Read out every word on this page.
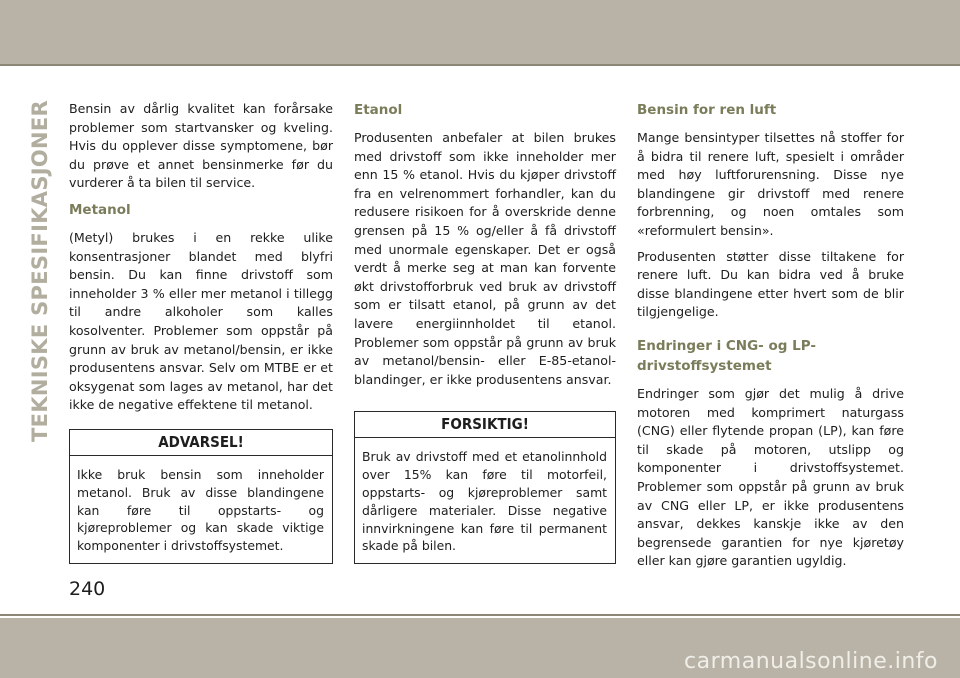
TEKNISKE SPESIFIKASJONER Bensin av dårlig kvalitet kan forårsake problemer som startvansker og kveling. Hvis du opplever disse symptomene, bør du prøve et annet bensinmerke før du vurderer å ta bilen til service.

Metanol

(Metyl) brukes i en rekke ulike konsentrasjoner blandet med blyfri bensin. Du kan finne drivstoff som inneholder 3 % eller mer metanol i tillegg til andre alkoholer som kalles kosolventer. Problemer som oppstår på grunn av bruk av metanol/bensin, er ikke produsentens ansvar. Selv om MTBE er et oksygenat som lages av metanol, har det ikke de negative effektene til metanol.

ADVARSEL!
Ikke bruk bensin som inneholder metanol. Bruk av disse blandingene kan føre til oppstarts- og kjøreproblemer og kan skade viktige komponenter i drivstoffsystemet.
Etanol

Produsenten anbefaler at bilen brukes med drivstoff som ikke inneholder mer enn 15 % etanol. Hvis du kjøper drivstoff fra en velrenommert forhandler, kan du redusere risikoen for å overskride denne grensen på 15 % og/eller å få drivstoff med unormale egenskaper. Det er også verdt å merke seg at man kan forvente økt drivstofforbruk ved bruk av drivstoff som er tilsatt etanol, på grunn av det lavere energiinnholdet til etanol. Problemer som oppstår på grunn av bruk av metanol/bensin- eller E-85-etanol-blandinger, er ikke produsentens ansvar.

FORSIKTIG!
Bruk av drivstoff med et etanolinnhold over 15% kan føre til motorfeil, oppstarts- og kjøreproblemer samt dårligere materialer. Disse negative innvirkningene kan føre til permanent skade på bilen.
Bensin for ren luft

Mange bensintyper tilsettes nå stoffer for å bidra til renere luft, spesielt i områder med høy luftforurensning. Disse nye blandingene gir drivstoff med renere forbrenning, og noen omtales som «reformulert bensin».

Produsenten støtter disse tiltakene for renere luft. Du kan bidra ved å bruke disse blandingene etter hvert som de blir tilgjengelige.

Endringer i CNG- og LP-drivstoffsystemet

Endringer som gjør det mulig å drive motoren med komprimert naturgass (CNG) eller flytende propan (LP), kan føre til skade på motoren, utslipp og komponenter i drivstoffsystemet. Problemer som oppstår på grunn av bruk av CNG eller LP, er ikke produsentens ansvar, dekkes kanskje ikke av den begrensede garantien for nye kjøretøy eller kan gjøre garantien ugyldig.

240
carmanualsonline.info
